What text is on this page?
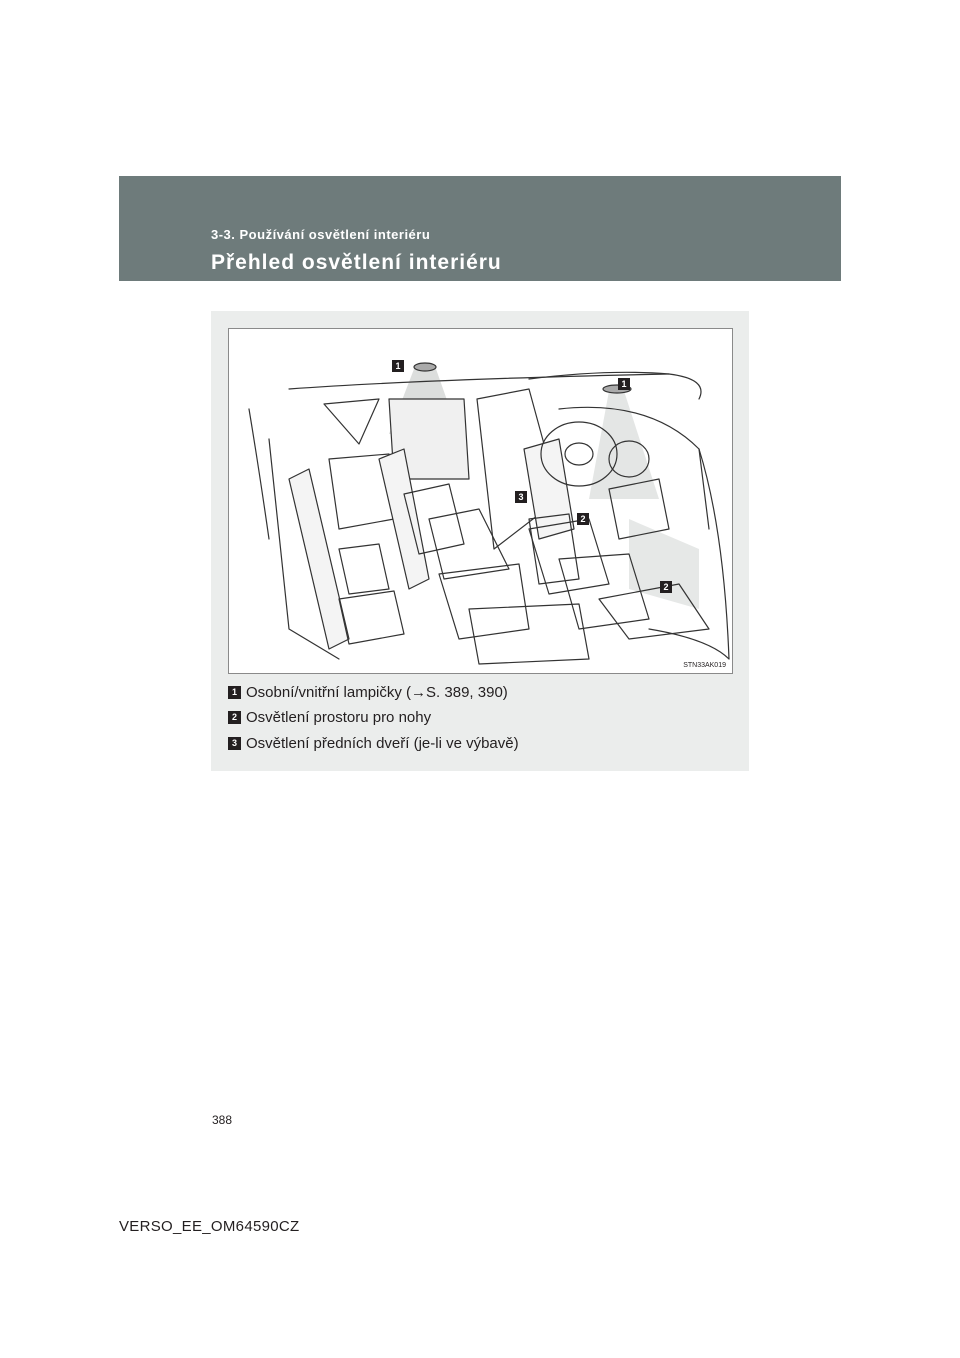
3-3. Používání osvětlení interiéru
Přehled osvětlení interiéru
1
1
3
2
2
STN33AK019
1 Osobní/vnitřní lampičky (→S. 389, 390)
2 Osvětlení prostoru pro nohy
3 Osvětlení předních dveří (je-li ve výbavě)
388
VERSO_EE_OM64590CZ
